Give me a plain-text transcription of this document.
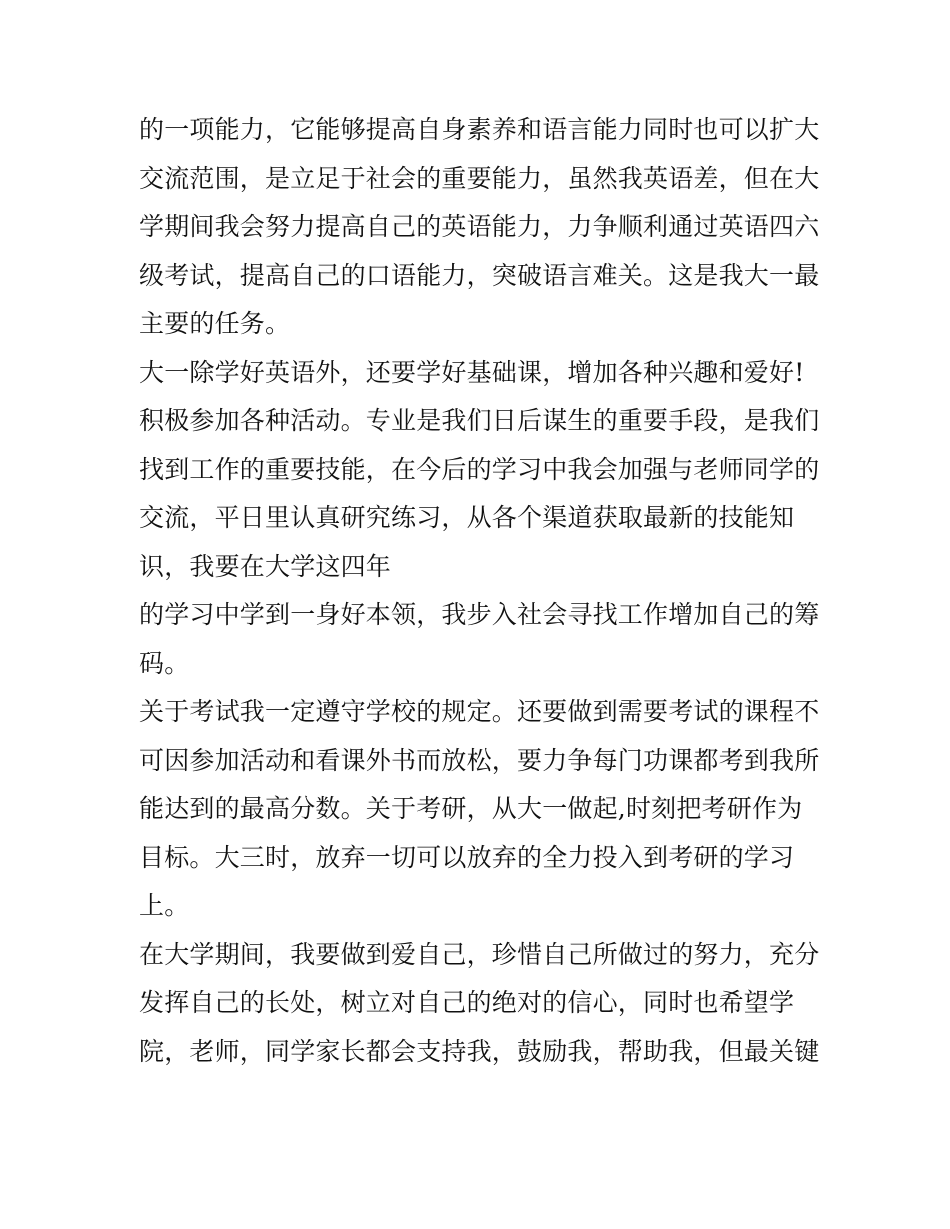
的一项能力，它能够提高自身素养和语言能力同时也可以扩大
交流范围，是立足于社会的重要能力，虽然我英语差，但在大
学期间我会努力提高自己的英语能力，力争顺利通过英语四六
级考试，提高自己的口语能力，突破语言难关。这是我大一最
主要的任务。
大一除学好英语外，还要学好基础课，增加各种兴趣和爱好!
积极参加各种活动。专业是我们日后谋生的重要手段，是我们
找到工作的重要技能，在今后的学习中我会加强与老师同学的
交流，平日里认真研究练习，从各个渠道获取最新的技能知
识，我要在大学这四年
的学习中学到一身好本领，我步入社会寻找工作增加自己的筹
码。
关于考试我一定遵守学校的规定。还要做到需要考试的课程不
可因参加活动和看课外书而放松，要力争每门功课都考到我所
能达到的最高分数。关于考研，从大一做起,时刻把考研作为
目标。大三时，放弃一切可以放弃的全力投入到考研的学习
上。
在大学期间，我要做到爱自己，珍惜自己所做过的努力，充分
发挥自己的长处，树立对自己的绝对的信心，同时也希望学
院，老师，同学家长都会支持我，鼓励我，帮助我，但最关键
